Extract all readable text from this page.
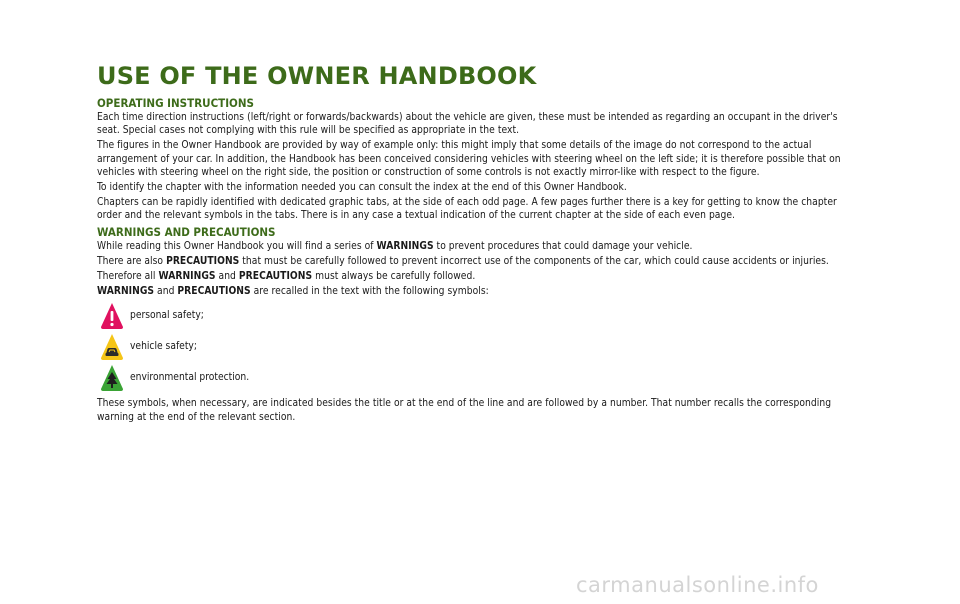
USE OF THE OWNER HANDBOOK
OPERATING INSTRUCTIONS

Each time direction instructions (left/right or forwards/backwards) about the vehicle are given, these must be intended as regarding an occupant in the driver's seat. Special cases not complying with this rule will be specified as appropriate in the text.

The figures in the Owner Handbook are provided by way of example only: this might imply that some details of the image do not correspond to the actual arrangement of your car. In addition, the Handbook has been conceived considering vehicles with steering wheel on the left side; it is therefore possible that on vehicles with steering wheel on the right side, the position or construction of some controls is not exactly mirror-like with respect to the figure.

To identify the chapter with the information needed you can consult the index at the end of this Owner Handbook.

Chapters can be rapidly identified with dedicated graphic tabs, at the side of each odd page. A few pages further there is a key for getting to know the chapter order and the relevant symbols in the tabs. There is in any case a textual indication of the current chapter at the side of each even page.

WARNINGS AND PRECAUTIONS

While reading this Owner Handbook you will find a series of WARNINGS to prevent procedures that could damage your vehicle.

There are also PRECAUTIONS that must be carefully followed to prevent incorrect use of the components of the car, which could cause accidents or injuries.

Therefore all WARNINGS and PRECAUTIONS must always be carefully followed.

WARNINGS and PRECAUTIONS are recalled in the text with the following symbols:

personal safety;
vehicle safety;
environmental protection.

These symbols, when necessary, are indicated besides the title or at the end of the line and are followed by a number. That number recalls the corresponding warning at the end of the relevant section.

carmanualsonline.info
